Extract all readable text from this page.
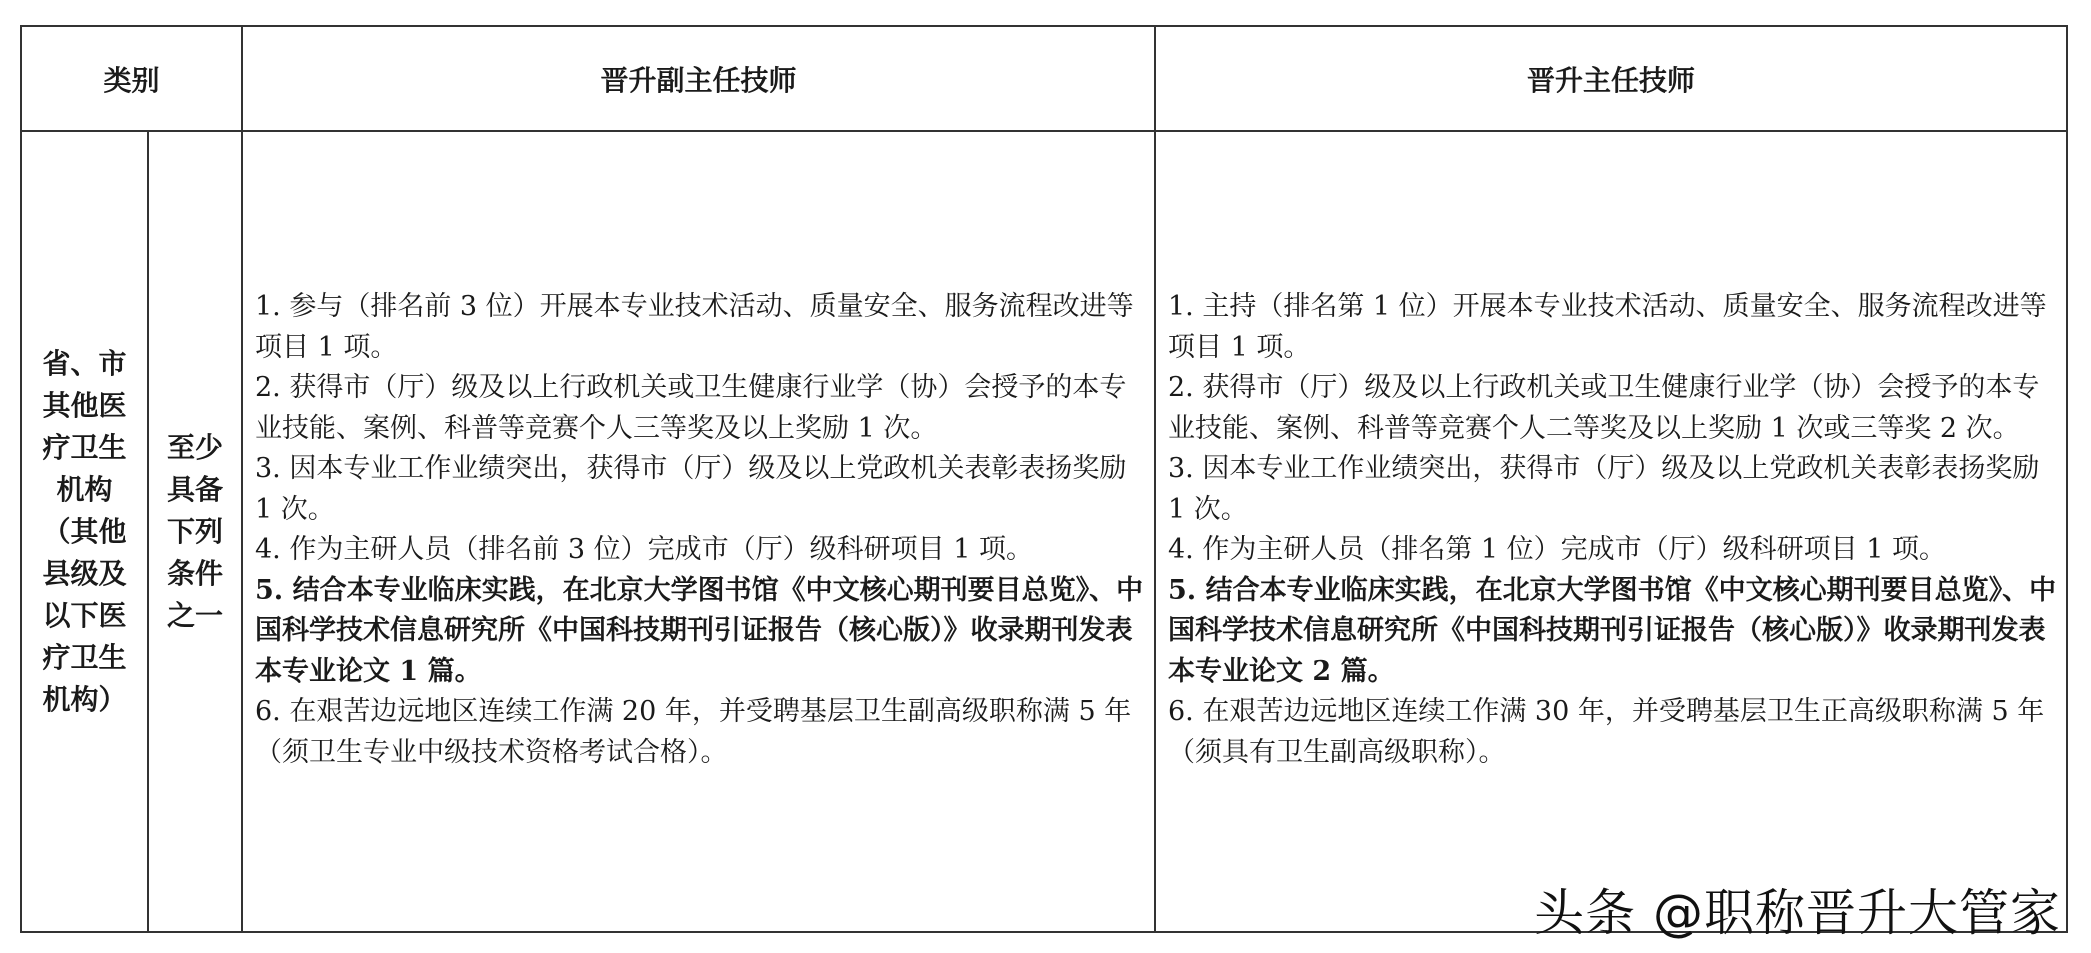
类别	晋升副主任技师	晋升主任技师
省、市
其他医
疗卫生
机构
（其他
县级及
以下医
疗卫生
机构）
至少
具备
下列
条件
之一

1. 参与（排名前 3 位）开展本专业技术活动、质量安全、服务流程改进等项目 1 项。

2. 获得市（厅）级及以上行政机关或卫生健康行业学（协）会授予的本专业技能、案例、科普等竞赛个人三等奖及以上奖励 1 次。

3. 因本专业工作业绩突出，获得市（厅）级及以上党政机关表彰表扬奖励 1 次。

4. 作为主研人员（排名前 3 位）完成市（厅）级科研项目 1 项。

5. 结合本专业临床实践，在北京大学图书馆《中文核心期刊要目总览》、中国科学技术信息研究所《中国科技期刊引证报告（核心版）》收录期刊发表本专业论文 1 篇。

6. 在艰苦边远地区连续工作满 20 年，并受聘基层卫生副高级职称满 5 年（须卫生专业中级技术资格考试合格）。

1. 主持（排名第 1 位）开展本专业技术活动、质量安全、服务流程改进等项目 1 项。

2. 获得市（厅）级及以上行政机关或卫生健康行业学（协）会授予的本专业技能、案例、科普等竞赛个人二等奖及以上奖励 1 次或三等奖 2 次。

3. 因本专业工作业绩突出，获得市（厅）级及以上党政机关表彰表扬奖励 1 次。

4. 作为主研人员（排名第 1 位）完成市（厅）级科研项目 1 项。

5. 结合本专业临床实践，在北京大学图书馆《中文核心期刊要目总览》、中国科学技术信息研究所《中国科技期刊引证报告（核心版）》收录期刊发表本专业论文 2 篇。

6. 在艰苦边远地区连续工作满 30 年，并受聘基层卫生正高级职称满 5 年（须具有卫生副高级职称）。

头条 @职称晋升大管家
